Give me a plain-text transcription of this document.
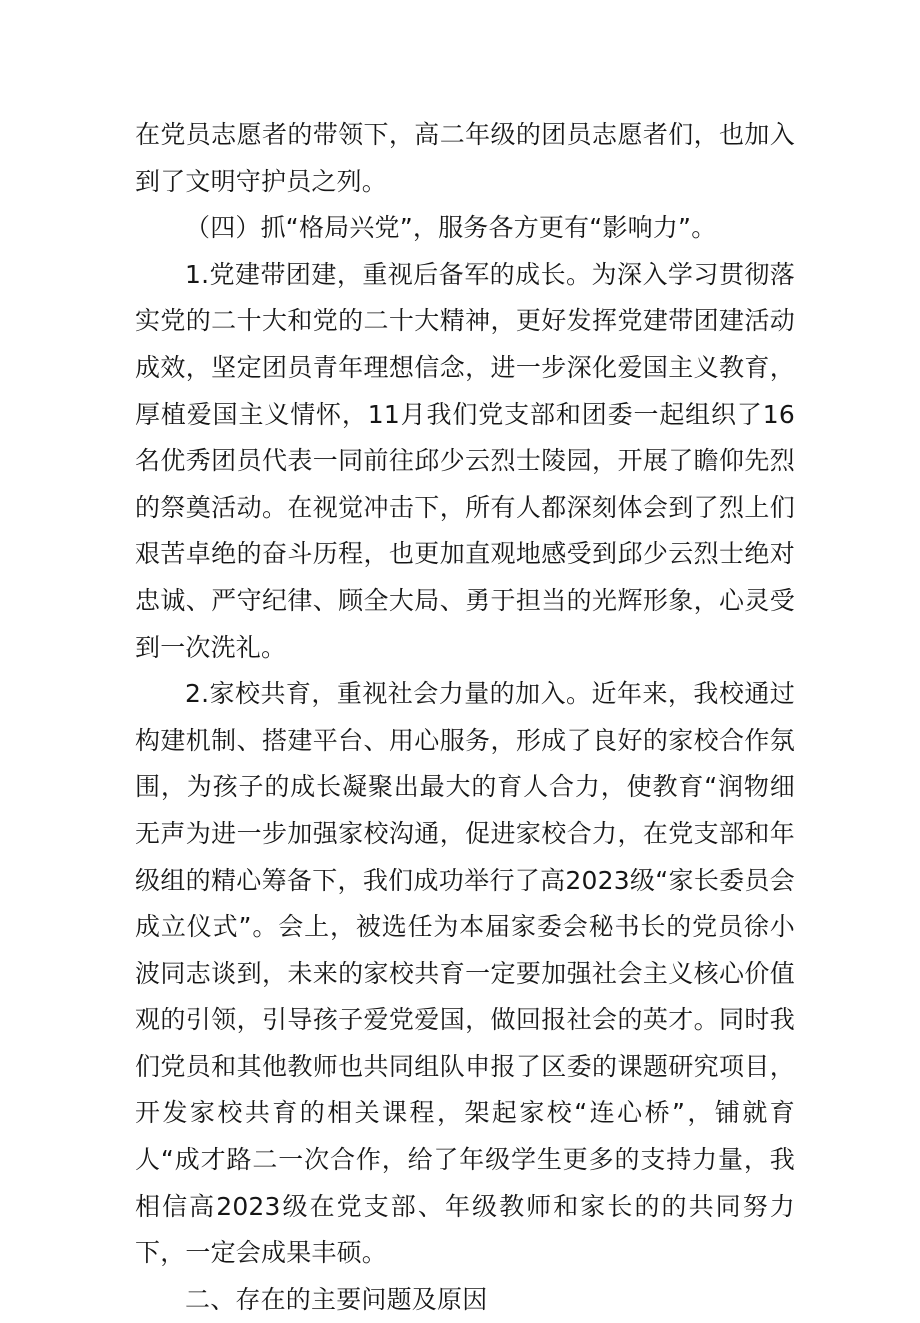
在党员志愿者的带领下，高二年级的团员志愿者们，也加入到了文明守护员之列。

（四）抓“格局兴党”，服务各方更有“影响力”。

1.党建带团建，重视后备军的成长。为深入学习贯彻落实党的二十大和党的二十大精神，更好发挥党建带团建活动成效，坚定团员青年理想信念，进一步深化爱国主义教育，厚植爱国主义情怀，11月我们党支部和团委一起组织了16名优秀团员代表一同前往邱少云烈士陵园，开展了瞻仰先烈的祭奠活动。在视觉冲击下，所有人都深刻体会到了烈上们艰苦卓绝的奋斗历程，也更加直观地感受到邱少云烈士绝对忠诚、严守纪律、顾全大局、勇于担当的光辉形象，心灵受到一次洗礼。

2.家校共育，重视社会力量的加入。近年来，我校通过构建机制、搭建平台、用心服务，形成了良好的家校合作氛围，为孩子的成长凝聚出最大的育人合力，使教育“润物细无声为进一步加强家校沟通，促进家校合力，在党支部和年级组的精心筹备下，我们成功举行了高2023级“家长委员会成立仪式”。会上，被选任为本届家委会秘书长的党员徐小波同志谈到，未来的家校共育一定要加强社会主义核心价值观的引领，引导孩子爱党爱国，做回报社会的英才。同时我们党员和其他教师也共同组队申报了区委的课题研究项目，开发家校共育的相关课程，架起家校“连心桥”，铺就育人“成才路二一次合作，给了年级学生更多的支持力量，我相信高2023级在党支部、年级教师和家长的的共同努力下，一定会成果丰硕。

二、存在的主要问题及原因
